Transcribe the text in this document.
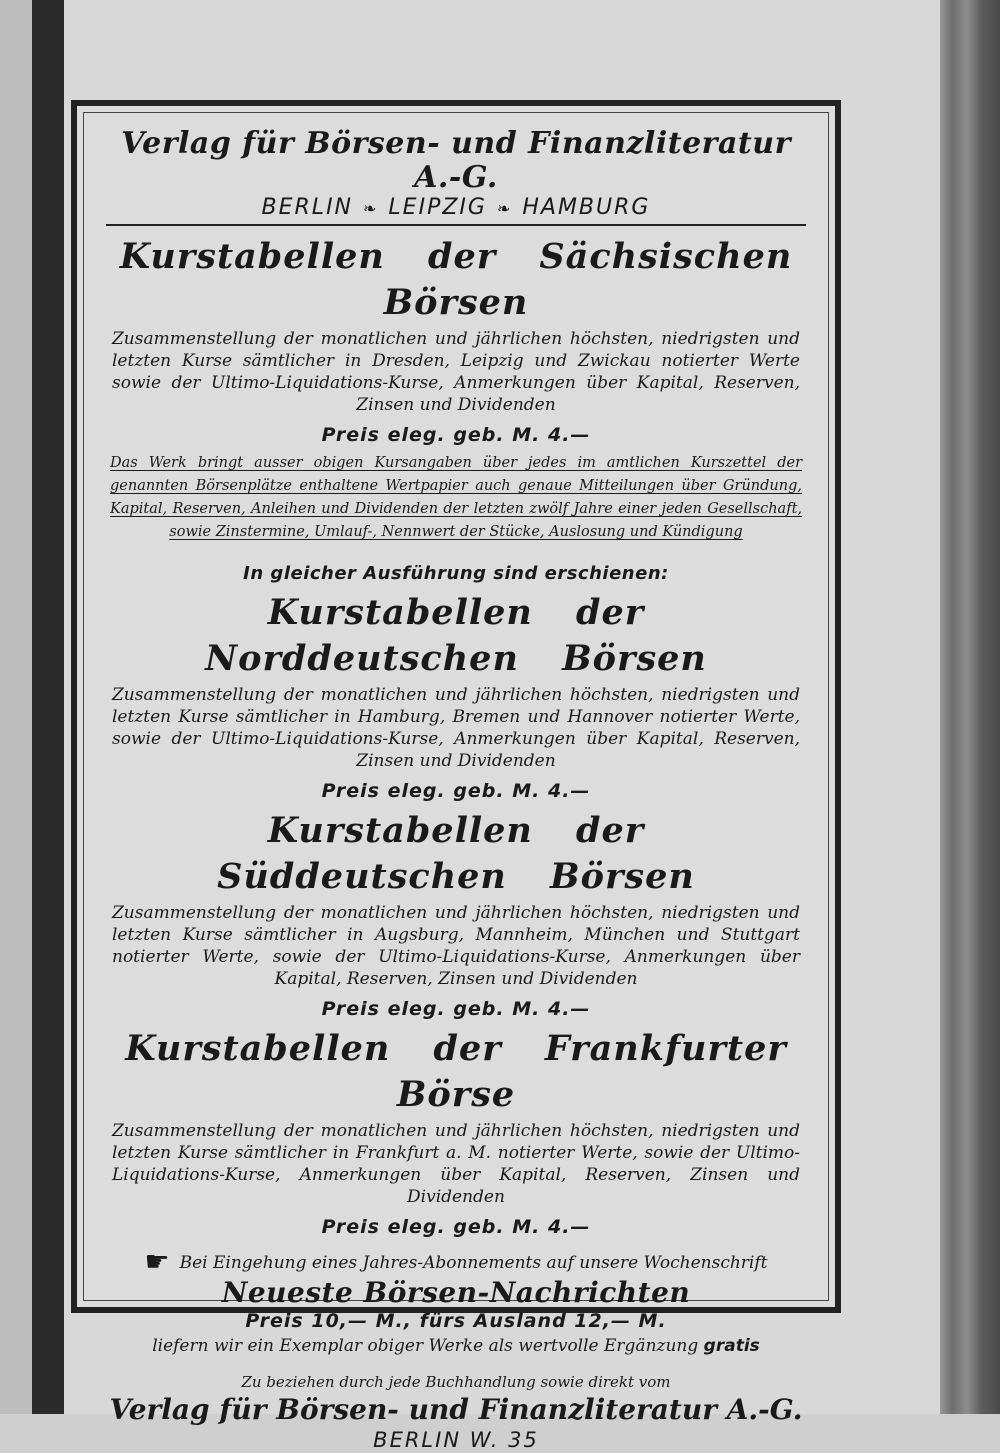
Verlag für Börsen- und Finanzliteratur A.-G.
BERLIN ❧ LEIPZIG ❧ HAMBURG
Kurstabellen der Sächsischen Börsen
Zusammenstellung der monatlichen und jährlichen höchsten, niedrigsten und letzten Kurse sämtlicher in Dresden, Leipzig und Zwickau notierter Werte sowie der Ultimo-Liquidations-Kurse, Anmerkungen über Kapital, Reserven, Zinsen und Dividenden
Preis eleg. geb. M. 4.—
Das Werk bringt ausser obigen Kursangaben über jedes im amtlichen Kurszettel der genannten Börsenplätze enthaltene Wertpapier auch genaue Mitteilungen über Gründung, Kapital, Reserven, Anleihen und Dividenden der letzten zwölf Jahre einer jeden Gesellschaft, sowie Zinstermine, Umlauf-, Nennwert der Stücke, Auslosung und Kündigung
In gleicher Ausführung sind erschienen:
Kurstabellen der Norddeutschen Börsen
Zusammenstellung der monatlichen und jährlichen höchsten, niedrigsten und letzten Kurse sämtlicher in Hamburg, Bremen und Hannover notierter Werte, sowie der Ultimo-Liquidations-Kurse, Anmerkungen über Kapital, Reserven, Zinsen und Dividenden
Preis eleg. geb. M. 4.—
Kurstabellen der Süddeutschen Börsen
Zusammenstellung der monatlichen und jährlichen höchsten, niedrigsten und letzten Kurse sämtlicher in Augsburg, Mannheim, München und Stuttgart notierter Werte, sowie der Ultimo-Liquidations-Kurse, Anmerkungen über Kapital, Reserven, Zinsen und Dividenden
Preis eleg. geb. M. 4.—
Kurstabellen der Frankfurter Börse
Zusammenstellung der monatlichen und jährlichen höchsten, niedrigsten und letzten Kurse sämtlicher in Frankfurt a. M. notierter Werte, sowie der Ultimo-Liquidations-Kurse, Anmerkungen über Kapital, Reserven, Zinsen und Dividenden
Preis eleg. geb. M. 4.—
☛ Bei Eingehung eines Jahres-Abonnements auf unsere Wochenschrift
Neueste Börsen-Nachrichten
Preis 10,— M., fürs Ausland 12,— M.
liefern wir ein Exemplar obiger Werke als wertvolle Ergänzung gratis
Zu beziehen durch jede Buchhandlung sowie direkt vom
Verlag für Börsen- und Finanzliteratur A.-G.
BERLIN W. 35
